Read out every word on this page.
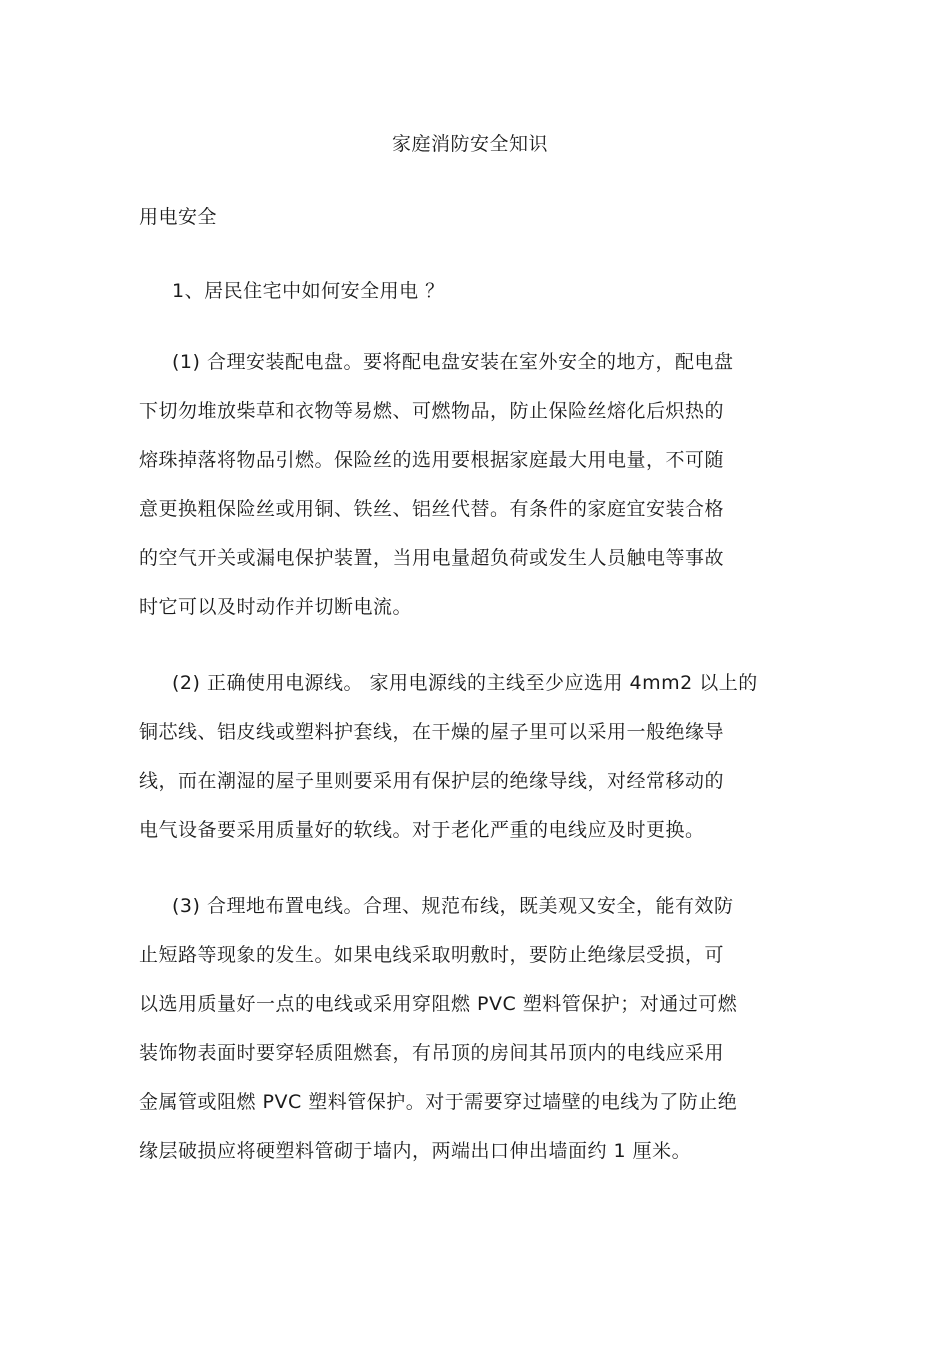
家庭消防安全知识
用电安全
1、居民住宅中如何安全用电 ？
(1) 合理安装配电盘。要将配电盘安装在室外安全的地方，配电盘
下切勿堆放柴草和衣物等易燃、可燃物品，防止保险丝熔化后炽热的
熔珠掉落将物品引燃。保险丝的选用要根据家庭最大用电量，不可随
意更换粗保险丝或用铜、铁丝、铝丝代替。有条件的家庭宜安装合格
的空气开关或漏电保护装置，当用电量超负荷或发生人员触电等事故
时它可以及时动作并切断电流。
(2) 正确使用电源线。 家用电源线的主线至少应选用 4mm2 以上的
铜芯线、铝皮线或塑料护套线，在干燥的屋子里可以采用一般绝缘导
线，而在潮湿的屋子里则要采用有保护层的绝缘导线，对经常移动的
电气设备要采用质量好的软线。对于老化严重的电线应及时更换。
(3) 合理地布置电线。合理、规范布线，既美观又安全，能有效防
止短路等现象的发生。如果电线采取明敷时，要防止绝缘层受损，可
以选用质量好一点的电线或采用穿阻燃 PVC 塑料管保护；对通过可燃
装饰物表面时要穿轻质阻燃套，有吊顶的房间其吊顶内的电线应采用
金属管或阻燃 PVC 塑料管保护。对于需要穿过墙壁的电线为了防止绝
缘层破损应将硬塑料管砌于墙内，两端出口伸出墙面约 1 厘米。
